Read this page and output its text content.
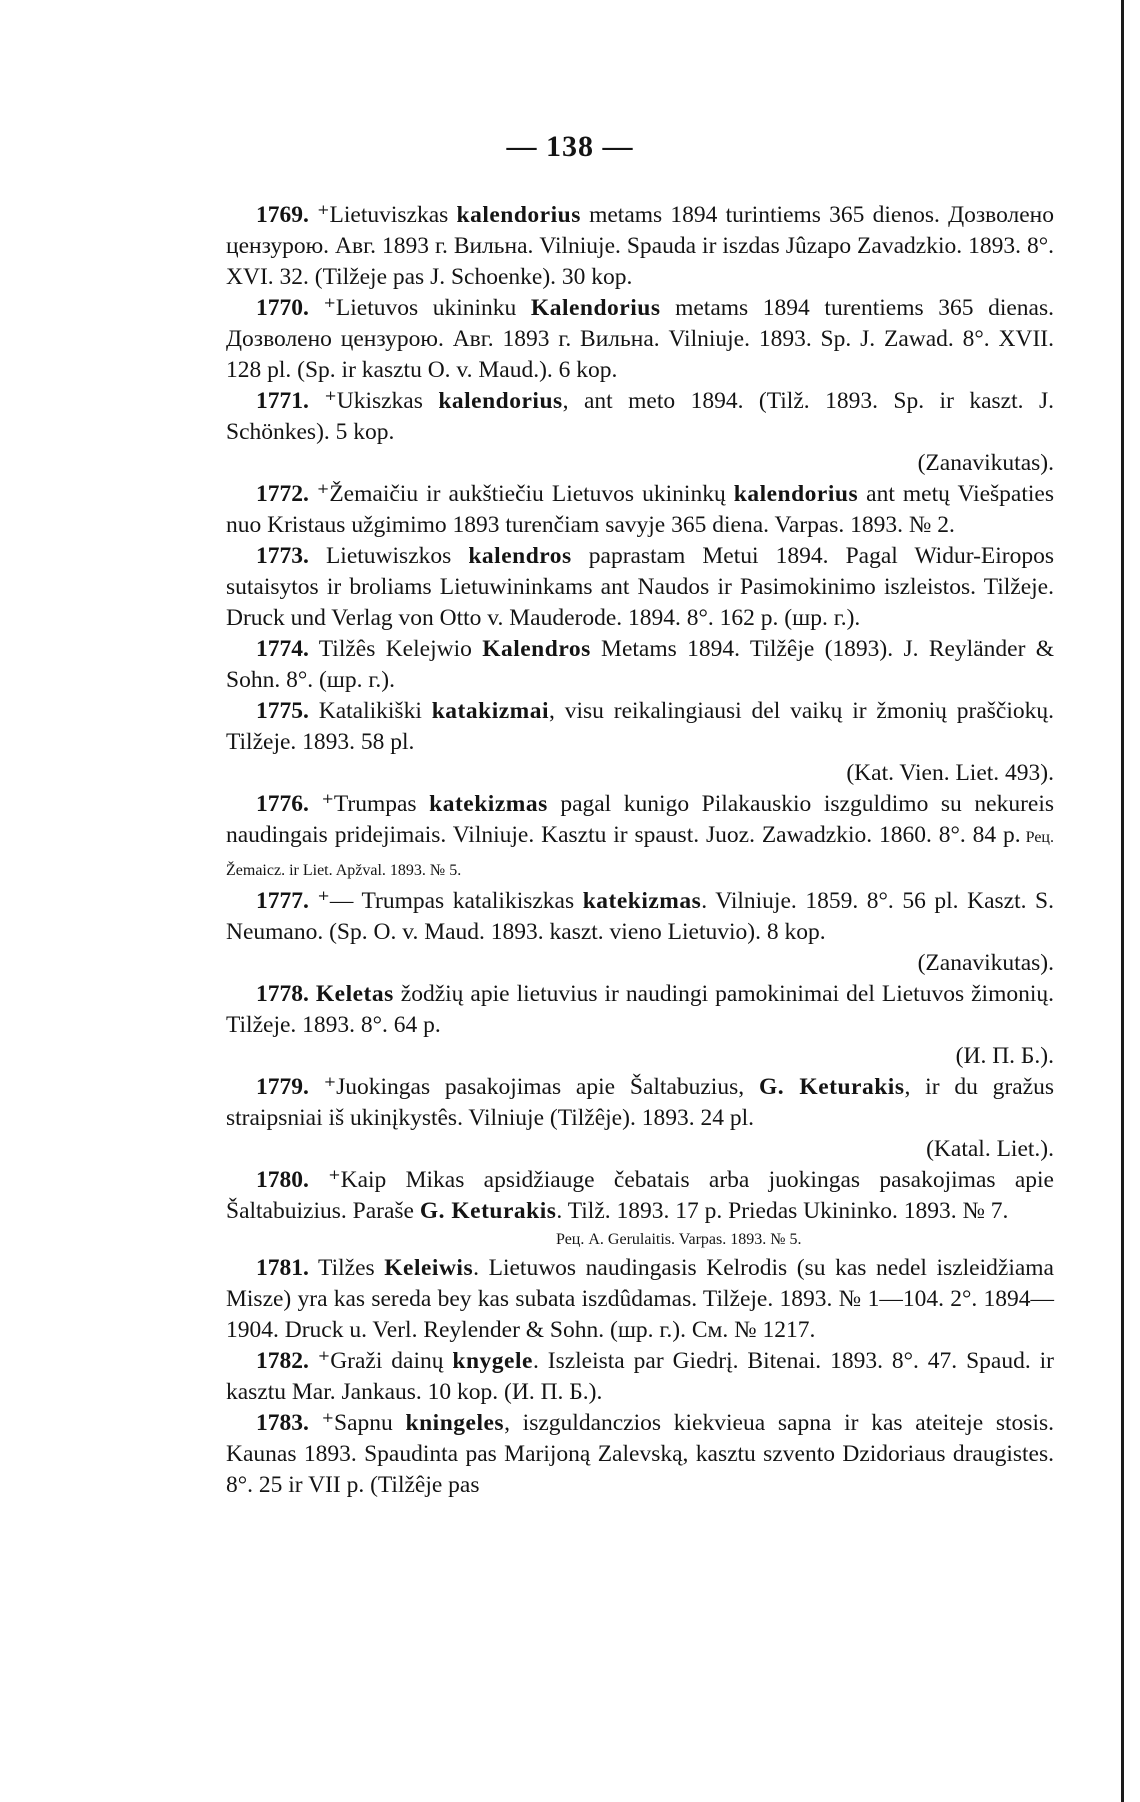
— 138 —

1769. ⁺Lietuviszkas kalendorius metams 1894 turintiems 365 dienos. Дозволено цензурою. Авг. 1893 г. Вильна. Vilniuje. Spauda ir iszdas Jûzapo Zavadzkio. 1893. 8°. XVI. 32. (Tilžeje pas J. Schoenke). 30 kop.

1770. ⁺Lietuvos ukininku Kalendorius metams 1894 turentiems 365 dienas. Дозволено цензурою. Авг. 1893 г. Вильна. Vilniuje. 1893. Sp. J. Zawad. 8°. XVII. 128 pl. (Sp. ir kasztu O. v. Maud.). 6 kop.

1771. ⁺Ukiszkas kalendorius, ant meto 1894. (Tilž. 1893. Sp. ir kaszt. J. Schönkes). 5 kop.

(Zanavikutas).

1772. ⁺Žemaičiu ir aukštiečiu Lietuvos ukininkų kalendorius ant metų Viešpaties nuo Kristaus užgimimo 1893 turenčiam savyje 365 diena. Varpas. 1893. № 2.

1773. Lietuwiszkos kalendros paprastam Metui 1894. Pagal Widur-Eiropos sutaisytos ir broliams Lietuwininkams ant Naudos ir Pasimokinimo iszleistos. Tilžeje. Druck und Verlag von Otto v. Mauderode. 1894. 8°. 162 p. (шр. г.).

1774. Tilžês Kelejwio Kalendros Metams 1894. Tilžêje (1893). J. Reyländer & Sohn. 8°. (шр. г.).

1775. Katalikiški katakizmai, visu reikalingiausi del vaikų ir žmonių praščiokų. Tilžeje. 1893. 58 pl.

(Kat. Vien. Liet. 493).

1776. ⁺Trumpas katekizmas pagal kunigo Pilakauskio iszguldimo su nekureis naudingais pridejimais. Vilniuje. Kasztu ir spaust. Juoz. Zawadzkio. 1860. 8°. 84 p. Рец. Žemaicz. ir Liet. Apžval. 1893. № 5.

1777. ⁺— Trumpas katalikiszkas katekizmas. Vilniuje. 1859. 8°. 56 pl. Kaszt. S. Neumano. (Sp. O. v. Maud. 1893. kaszt. vieno Lietuvio). 8 kop.

(Zanavikutas).

1778. Keletas žodžių apie lietuvius ir naudingi pamokinimai del Lietuvos žimonių. Tilžeje. 1893. 8°. 64 p.

(И. П. Б.).

1779. ⁺Juokingas pasakojimas apie Šaltabuzius, G. Keturakis, ir du gražus straipsniai iš ukinįkystês. Vilniuje (Tilžêje). 1893. 24 pl.

(Katal. Liet.).

1780. ⁺Kaip Mikas apsidžiauge čebatais arba juokingas pasakojimas apie Šaltabuizius. Paraše G. Keturakis. Tilž. 1893. 17 p. Priedas Ukininko. 1893. № 7.

Рец. A. Gerulaitis. Varpas. 1893. № 5.

1781. Tilžes Keleiwis. Lietuwos naudingasis Kelrodis (su kas nedel iszleidžiama Misze) yra kas sereda bey kas subata iszdûdamas. Tilžeje. 1893. № 1—104. 2°. 1894—1904. Druck u. Verl. Reylender & Sohn. (шр. г.). См. № 1217.

1782. ⁺Graži dainų knygele. Iszleista par Giedrį. Bitenai. 1893. 8°. 47. Spaud. ir kasztu Mar. Jankaus. 10 kop. (И. П. Б.).

1783. ⁺Sapnu kningeles, iszguldanczios kiekvieua sapna ir kas ateiteje stosis. Kaunas 1893. Spaudinta pas Marijoną Zalevską, kasztu szvento Dzidoriaus draugistes. 8°. 25 ir VII p. (Tilžêje pas
